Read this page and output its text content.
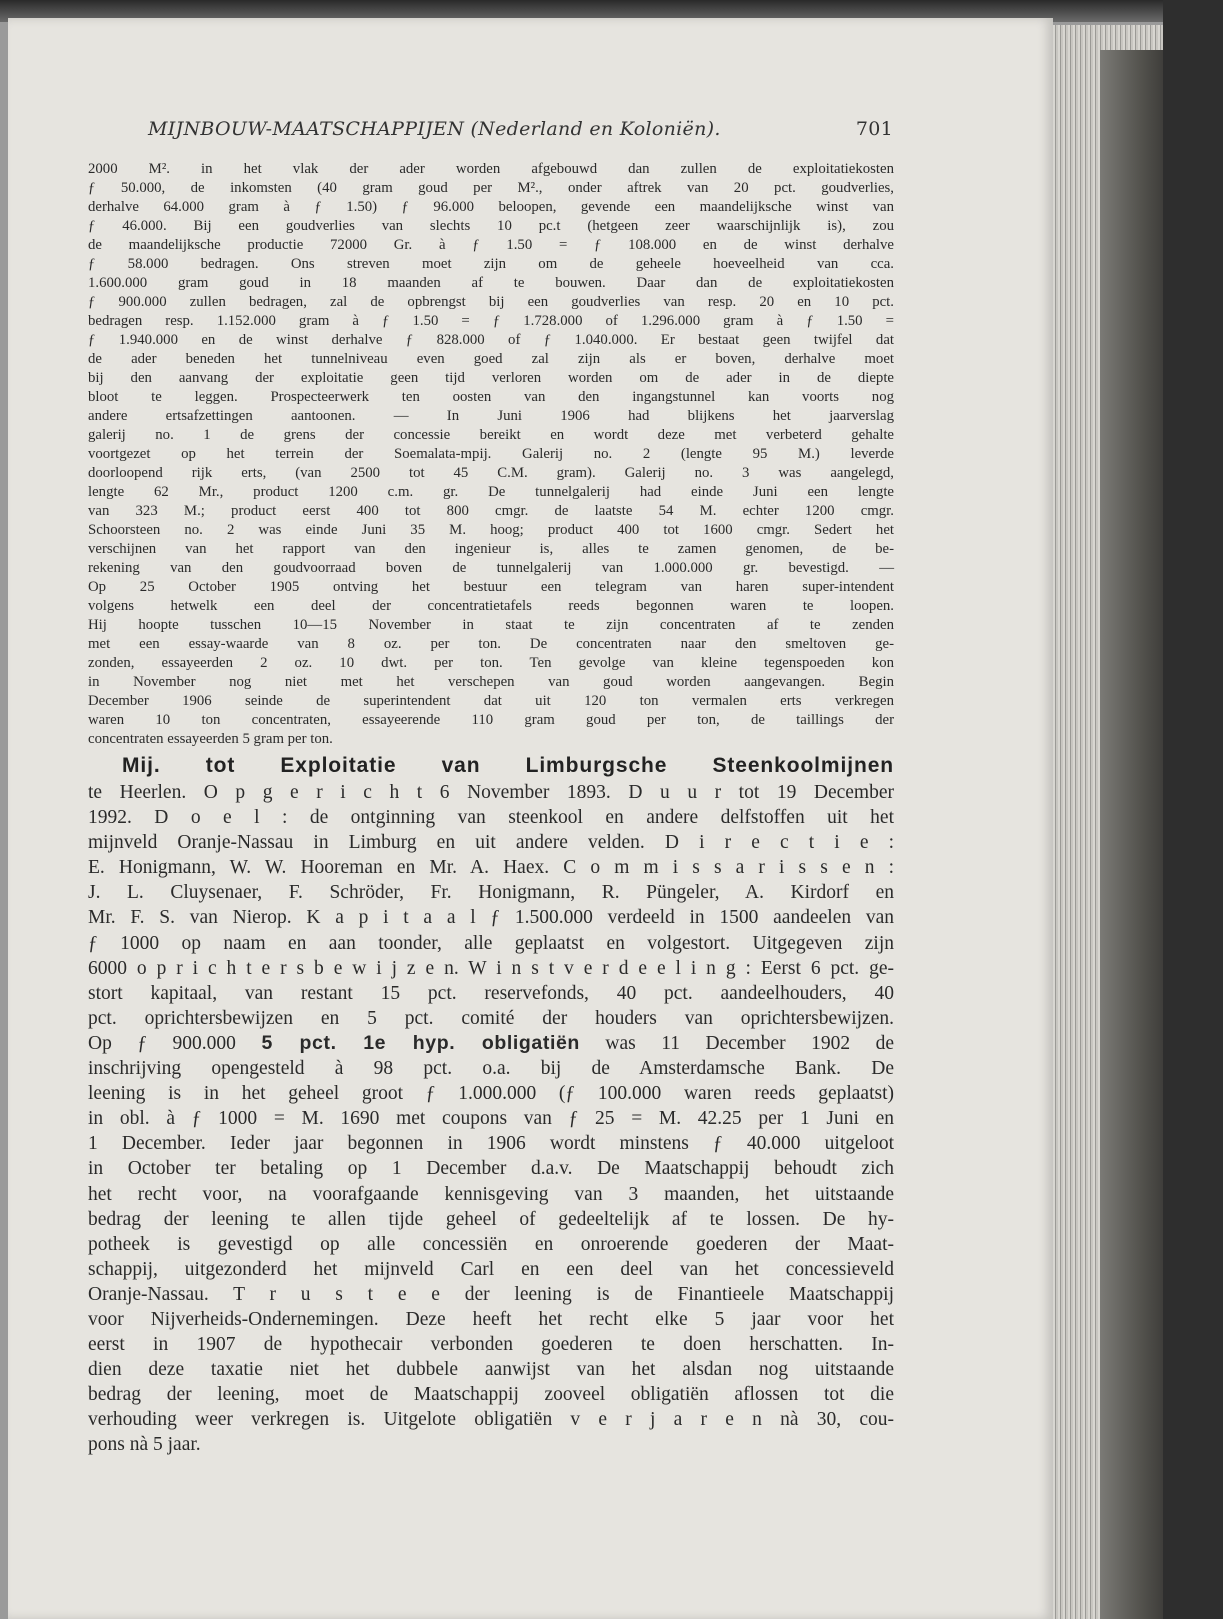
MIJNBOUW-MAATSCHAPPIJEN (Nederland en Koloniën).	701
2000 M². in het vlak der ader worden afgebouwd dan zullen de exploitatiekosten
ƒ 50.000, de inkomsten (40 gram goud per M²., onder aftrek van 20 pct. goudverlies,
derhalve 64.000 gram à ƒ 1.50) ƒ 96.000 beloopen, gevende een maandelijksche winst van
ƒ 46.000. Bij een goudverlies van slechts 10 pc.t (hetgeen zeer waarschijnlijk is), zou
de maandelijksche productie 72000 Gr. à ƒ 1.50 = ƒ 108.000 en de winst derhalve
ƒ 58.000 bedragen. Ons streven moet zijn om de geheele hoeveelheid van cca.
1.600.000 gram goud in 18 maanden af te bouwen. Daar dan de exploitatiekosten
ƒ 900.000 zullen bedragen, zal de opbrengst bij een goudverlies van resp. 20 en 10 pct.
bedragen resp. 1.152.000 gram à ƒ 1.50 = ƒ 1.728.000 of 1.296.000 gram à ƒ 1.50 =
ƒ 1.940.000 en de winst derhalve ƒ 828.000 of ƒ 1.040.000. Er bestaat geen twijfel dat
de ader beneden het tunnelniveau even goed zal zijn als er boven, derhalve moet
bij den aanvang der exploitatie geen tijd verloren worden om de ader in de diepte
bloot te leggen. Prospecteerwerk ten oosten van den ingangstunnel kan voorts nog
andere ertsafzettingen aantoonen. — In Juni 1906 had blijkens het jaarverslag
galerij no. 1 de grens der concessie bereikt en wordt deze met verbeterd gehalte
voortgezet op het terrein der Soemalata-mpij. Galerij no. 2 (lengte 95 M.) leverde
doorloopend rijk erts, (van 2500 tot 45 C.M. gram). Galerij no. 3 was aangelegd,
lengte 62 Mr., product 1200 c.m. gr. De tunnelgalerij had einde Juni een lengte
van 323 M.; product eerst 400 tot 800 cmgr. de laatste 54 M. echter 1200 cmgr.
Schoorsteen no. 2 was einde Juni 35 M. hoog; product 400 tot 1600 cmgr. Sedert het
verschijnen van het rapport van den ingenieur is, alles te zamen genomen, de be-
rekening van den goudvoorraad boven de tunnelgalerij van 1.000.000 gr. bevestigd. —
Op 25 October 1905 ontving het bestuur een telegram van haren super-intendent
volgens hetwelk een deel der concentratietafels reeds begonnen waren te loopen.
Hij hoopte tusschen 10—15 November in staat te zijn concentraten af te zenden
met een essay-waarde van 8 oz. per ton. De concentraten naar den smeltoven ge-
zonden, essayeerden 2 oz. 10 dwt. per ton. Ten gevolge van kleine tegenspoeden kon
in November nog niet met het verschepen van goud worden aangevangen. Begin
December 1906 seinde de superintendent dat uit 120 ton vermalen erts verkregen
waren 10 ton concentraten, essayeerende 110 gram goud per ton, de taillings der
concentraten essayeerden 5 gram per ton.
Mij. tot Exploitatie van Limburgsche Steenkoolmijnen
te Heerlen. O p g e r i c h t 6 November 1893. D u u r tot 19 December
1992. D o e l : de ontginning van steenkool en andere delfstoffen uit het
mijnveld Oranje-Nassau in Limburg en uit andere velden. D i r e c t i e :
E. Honigmann, W. W. Hooreman en Mr. A. Haex. C o m m i s s a r i s s e n :
J. L. Cluysenaer, F. Schröder, Fr. Honigmann, R. Püngeler, A. Kirdorf en
Mr. F. S. van Nierop. K a p i t a a l ƒ 1.500.000 verdeeld in 1500 aandeelen van
ƒ 1000 op naam en aan toonder, alle geplaatst en volgestort. Uitgegeven zijn
6000 o p r i c h t e r s b e w i j z e n. W i n s t v e r d e e l i n g : Eerst 6 pct. ge-
stort kapitaal, van restant 15 pct. reservefonds, 40 pct. aandeelhouders, 40
pct. oprichtersbewijzen en 5 pct. comité der houders van oprichtersbewijzen.
Op ƒ 900.000 5 pct. 1e hyp. obligatiën was 11 December 1902 de
inschrijving opengesteld à 98 pct. o.a. bij de Amsterdamsche Bank. De
leening is in het geheel groot ƒ 1.000.000 (ƒ 100.000 waren reeds geplaatst)
in obl. à ƒ 1000 = M. 1690 met coupons van ƒ 25 = M. 42.25 per 1 Juni en
1 December. Ieder jaar begonnen in 1906 wordt minstens ƒ 40.000 uitgeloot
in October ter betaling op 1 December d.a.v. De Maatschappij behoudt zich
het recht voor, na voorafgaande kennisgeving van 3 maanden, het uitstaande
bedrag der leening te allen tijde geheel of gedeeltelijk af te lossen. De hy-
potheek is gevestigd op alle concessiën en onroerende goederen der Maat-
schappij, uitgezonderd het mijnveld Carl en een deel van het concessieveld
Oranje-Nassau. T r u s t e e der leening is de Finantieele Maatschappij
voor Nijverheids-Ondernemingen. Deze heeft het recht elke 5 jaar voor het
eerst in 1907 de hypothecair verbonden goederen te doen herschatten. In-
dien deze taxatie niet het dubbele aanwijst van het alsdan nog uitstaande
bedrag der leening, moet de Maatschappij zooveel obligatiën aflossen tot die
verhouding weer verkregen is. Uitgelote obligatiën v e r j a r e n nà 30, cou-
pons nà 5 jaar.
